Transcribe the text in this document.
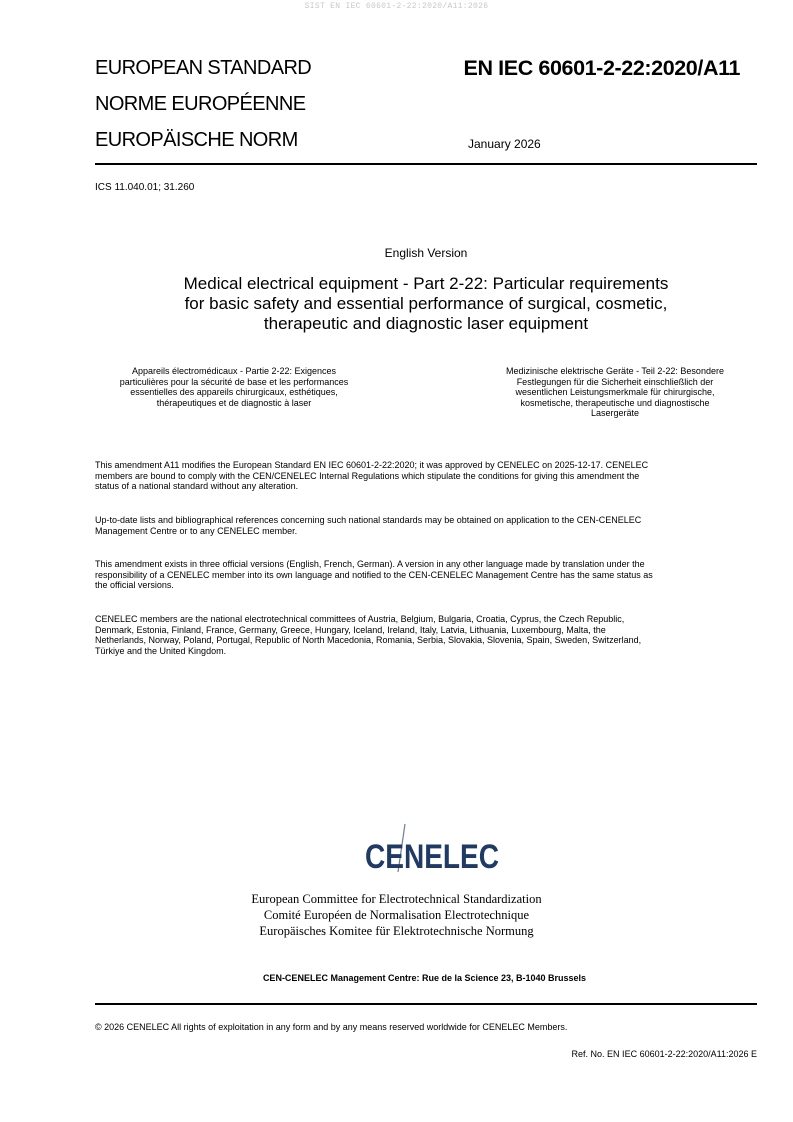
SIST EN IEC 60601-2-22:2020/A11:2026
EUROPEAN STANDARD
NORME EUROPÉENNE
EUROPÄISCHE NORM
EN IEC 60601-2-22:2020/A11
January 2026
ICS 11.040.01; 31.260
English Version
Medical electrical equipment - Part 2-22: Particular requirements
for basic safety and essential performance of surgical, cosmetic,
therapeutic and diagnostic laser equipment
Appareils électromédicaux - Partie 2-22: Exigences
particulières pour la sécurité de base et les performances
essentielles des appareils chirurgicaux, esthétiques,
thérapeutiques et de diagnostic à laser
Medizinische elektrische Geräte - Teil 2-22: Besondere
Festlegungen für die Sicherheit einschließlich der
wesentlichen Leistungsmerkmale für chirurgische,
kosmetische, therapeutische und diagnostische
Lasergeräte
This amendment A11 modifies the European Standard EN IEC 60601-2-22:2020; it was approved by CENELEC on 2025-12-17. CENELEC
members are bound to comply with the CEN/CENELEC Internal Regulations which stipulate the conditions for giving this amendment the
status of a national standard without any alteration.
Up-to-date lists and bibliographical references concerning such national standards may be obtained on application to the CEN-CENELEC
Management Centre or to any CENELEC member.
This amendment exists in three official versions (English, French, German). A version in any other language made by translation under the
responsibility of a CENELEC member into its own language and notified to the CEN-CENELEC Management Centre has the same status as
the official versions.
CENELEC members are the national electrotechnical committees of Austria, Belgium, Bulgaria, Croatia, Cyprus, the Czech Republic,
Denmark, Estonia, Finland, France, Germany, Greece, Hungary, Iceland, Ireland, Italy, Latvia, Lithuania, Luxembourg, Malta, the
Netherlands, Norway, Poland, Portugal, Republic of North Macedonia, Romania, Serbia, Slovakia, Slovenia, Spain, Sweden, Switzerland,
Türkiye and the United Kingdom.
CENELEC
European Committee for Electrotechnical Standardization
Comité Européen de Normalisation Electrotechnique
Europäisches Komitee für Elektrotechnische Normung
CEN-CENELEC Management Centre: Rue de la Science 23, B-1040 Brussels
© 2026 CENELEC All rights of exploitation in any form and by any means reserved worldwide for CENELEC Members.
Ref. No. EN IEC 60601-2-22:2020/A11:2026 E
